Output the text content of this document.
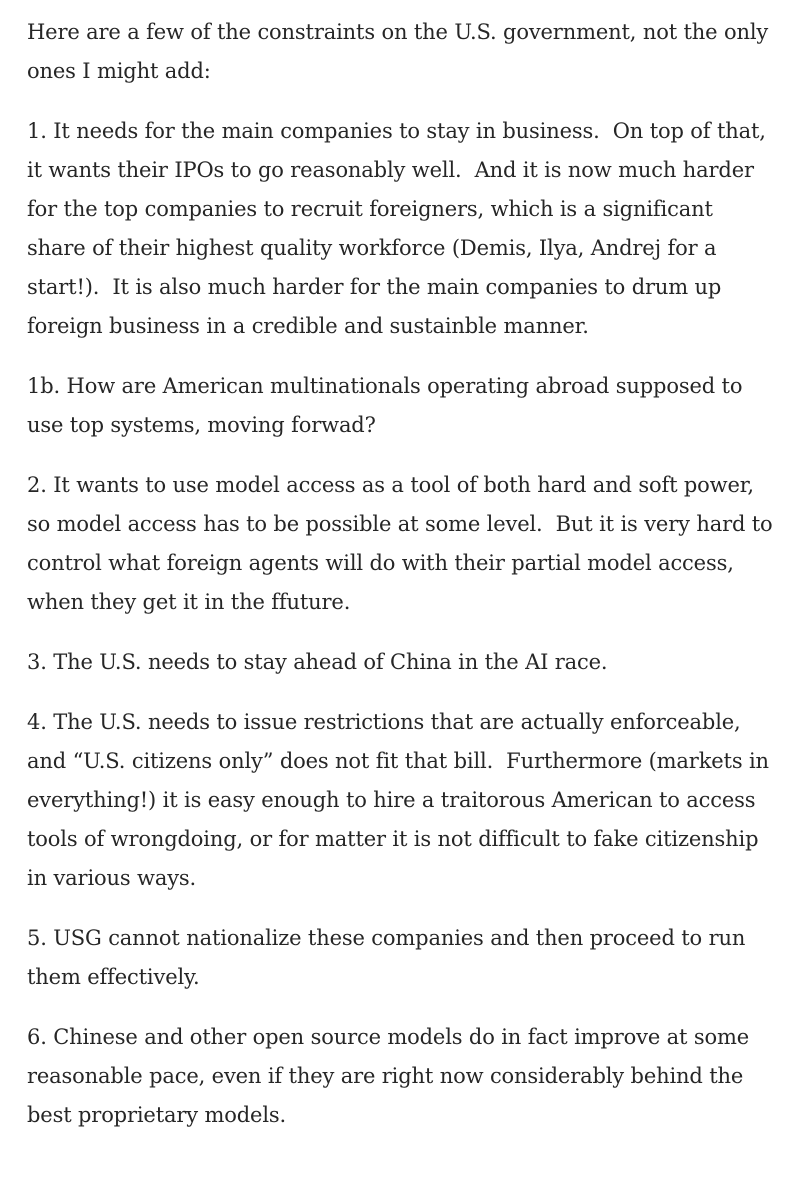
Here are a few of the constraints on the U.S. government, not the only ones I might add:

1. It needs for the main companies to stay in business.  On top of that, it wants their IPOs to go reasonably well.  And it is now much harder for the top companies to recruit foreigners, which is a significant share of their highest quality workforce (Demis, Ilya, Andrej for a start!).  It is also much harder for the main companies to drum up foreign business in a credible and sustainble manner.

1b. How are American multinationals operating abroad supposed to use top systems, moving forwad?

2. It wants to use model access as a tool of both hard and soft power, so model access has to be possible at some level.  But it is very hard to control what foreign agents will do with their partial model access, when they get it in the ffuture.

3. The U.S. needs to stay ahead of China in the AI race.

4. The U.S. needs to issue restrictions that are actually enforceable, and “U.S. citizens only” does not fit that bill.  Furthermore (markets in everything!) it is easy enough to hire a traitorous American to access tools of wrongdoing, or for matter it is not difficult to fake citizenship in various ways.

5. USG cannot nationalize these companies and then proceed to run them effectively.

6. Chinese and other open source models do in fact improve at some reasonable pace, even if they are right now considerably behind the best proprietary models.
